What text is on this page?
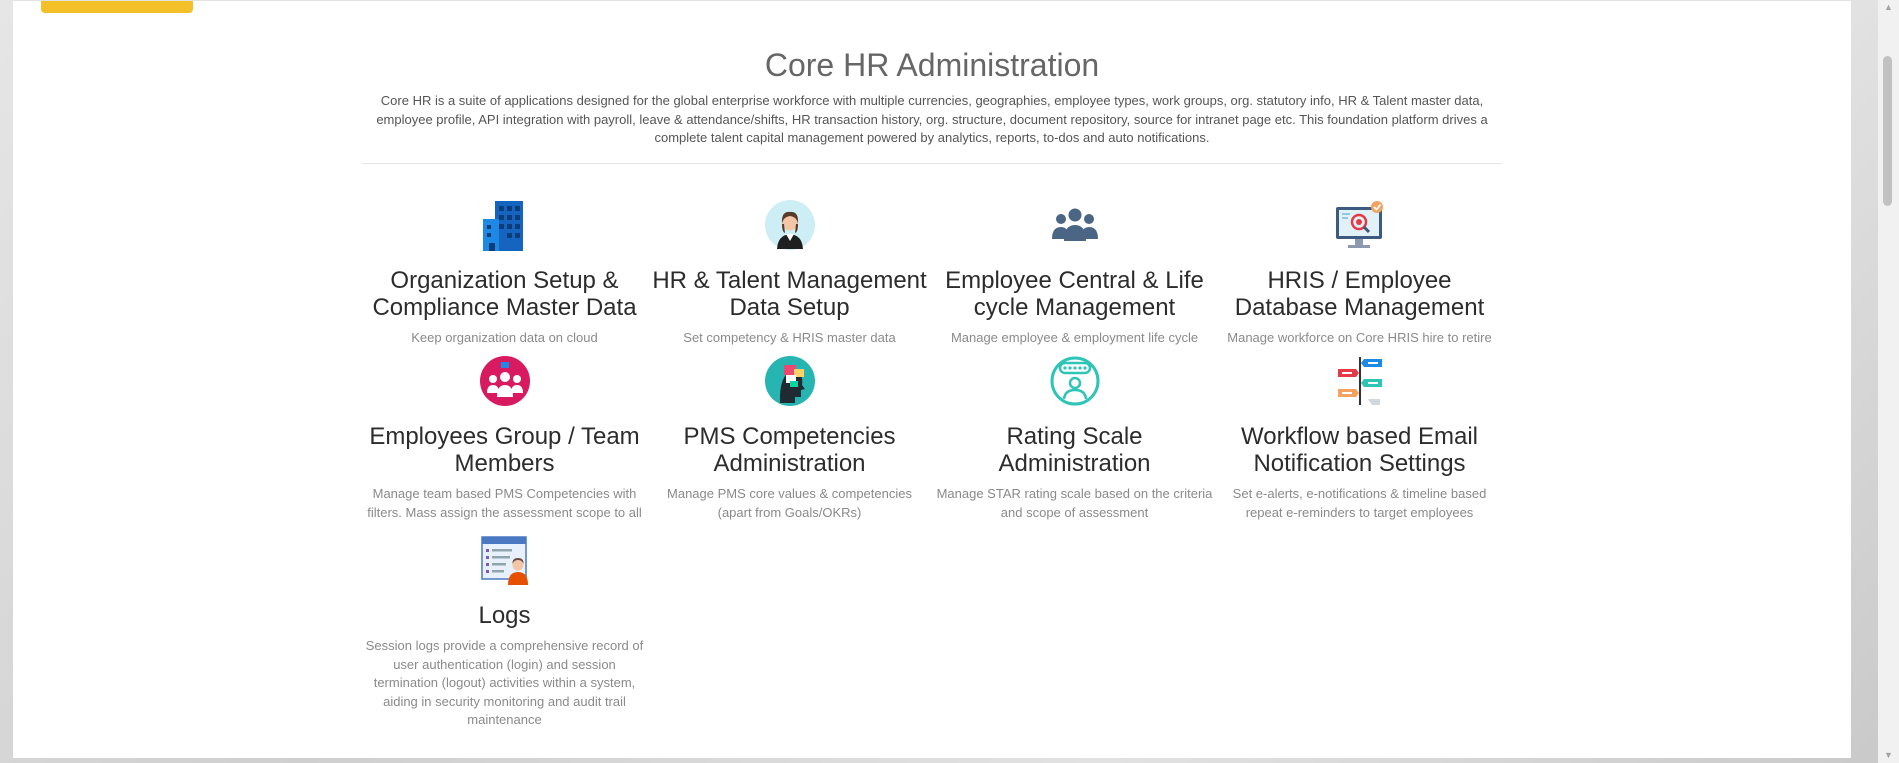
Core HR Administration

Core HR is a suite of applications designed for the global enterprise workforce with multiple currencies, geographies, employee types, work groups, org. statutory info, HR & Talent master data, employee profile, API integration with payroll, leave & attendance/shifts, HR transaction history, org. structure, document repository, source for intranet page etc. This foundation platform drives a complete talent capital management powered by analytics, reports, to-dos and auto notifications.

Organization Setup & Compliance Master Data

Keep organization data on cloud

HR & Talent Management Data Setup

Set competency & HRIS master data

Employee Central & Life cycle Management

Manage employee & employment life cycle

HRIS / Employee Database Management

Manage workforce on Core HRIS hire to retire

Employees Group / Team Members

Manage team based PMS Competencies with filters. Mass assign the assessment scope to all

PMS Competencies Administration

Manage PMS core values & competencies (apart from Goals/OKRs)

Rating Scale Administration

Manage STAR rating scale based on the criteria and scope of assessment

Workflow based Email Notification Settings

Set e-alerts, e-notifications & timeline based repeat e-reminders to target employees

Logs

Session logs provide a comprehensive record of user authentication (login) and session termination (logout) activities within a system, aiding in security monitoring and audit trail maintenance

▲
▼
